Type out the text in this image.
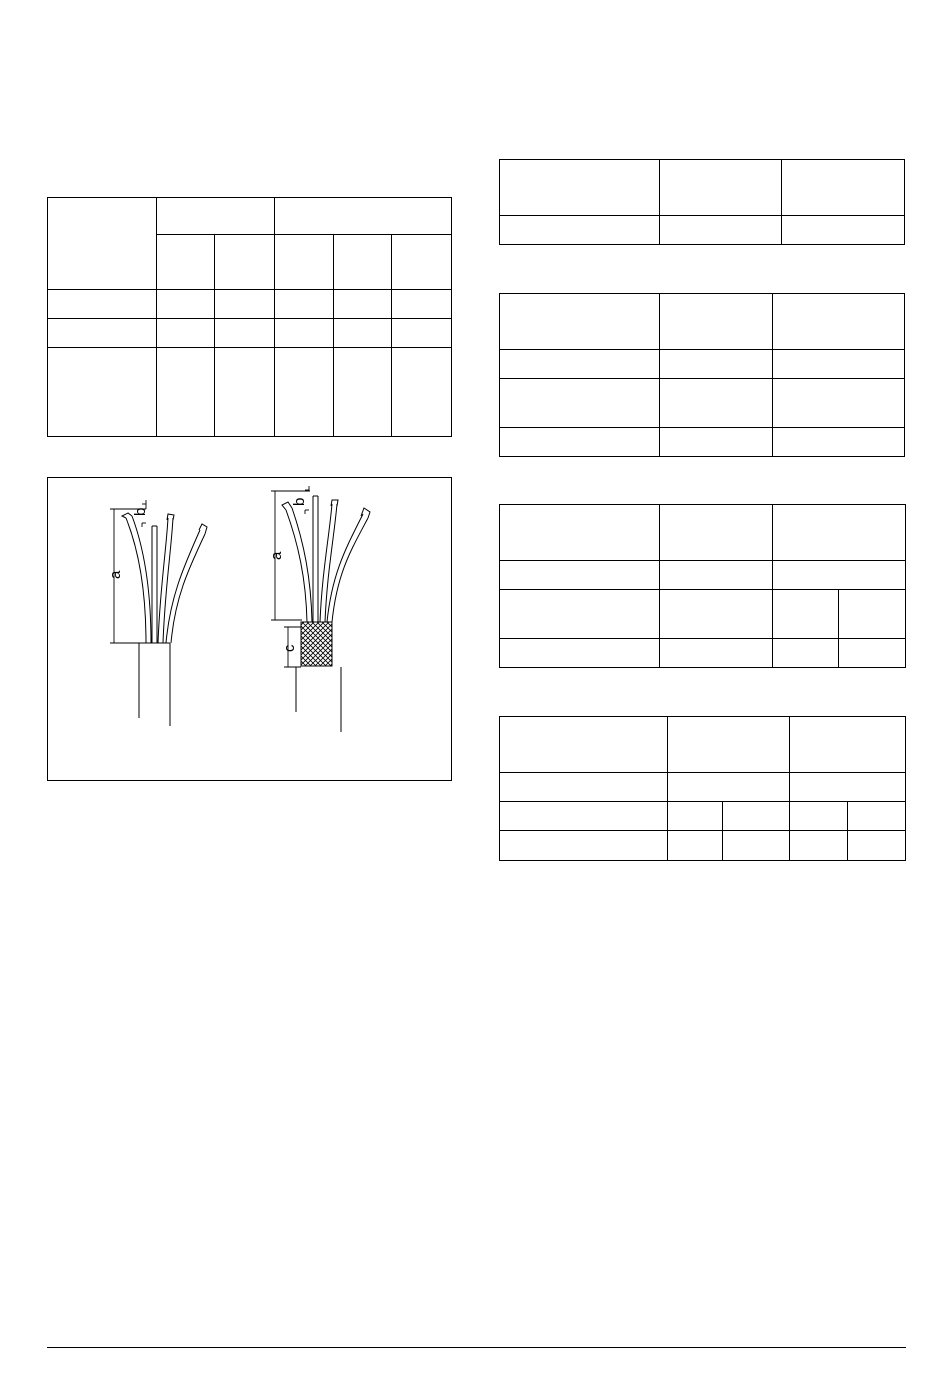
a
b
a
b
c
